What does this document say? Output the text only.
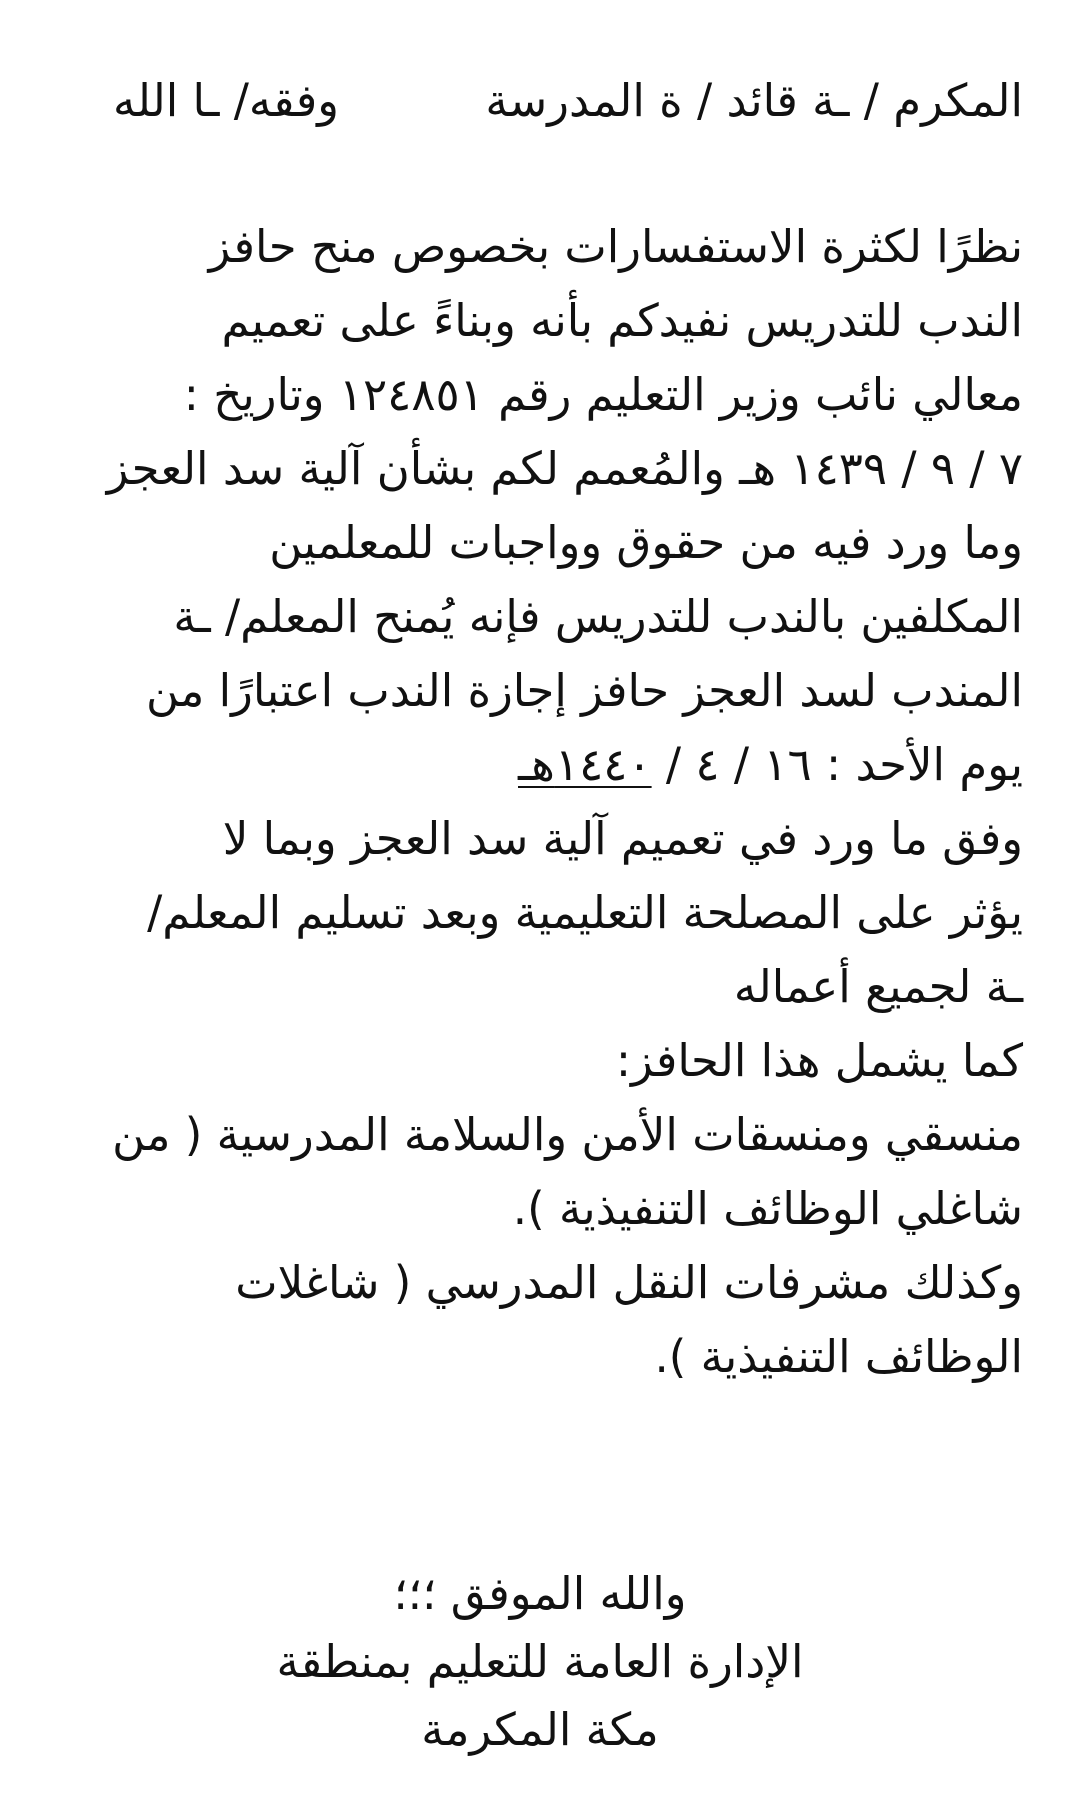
المكرم / ـة قائد / ة المدرسة
وفقه/ ـا الله
نظرًا لكثرة الاستفسارات بخصوص منح حافز
الندب للتدريس نفيدكم بأنه وبناءً على تعميم
معالي نائب وزير التعليم رقم ١٢٤٨٥١ وتاريخ :
٧ / ٩ / ١٤٣٩ هـ والمُعمم لكم بشأن آلية سد العجز
وما ورد فيه من حقوق وواجبات للمعلمين
المكلفين بالندب للتدريس فإنه يُمنح المعلم/ ـة
المندب لسد العجز حافز إجازة الندب اعتبارًا من
يوم الأحد : ١٦ / ٤ / ١٤٤٠هـ
وفق ما ورد في تعميم آلية سد العجز وبما لا
يؤثر على المصلحة التعليمية وبعد تسليم المعلم/
ـة لجميع أعماله
كما يشمل هذا الحافز:
منسقي ومنسقات الأمن والسلامة المدرسية ( من
شاغلي الوظائف التنفيذية ).
وكذلك مشرفات النقل المدرسي ( شاغلات
الوظائف التنفيذية ).
والله الموفق ؛؛؛
الإدارة العامة للتعليم بمنطقة
مكة المكرمة
